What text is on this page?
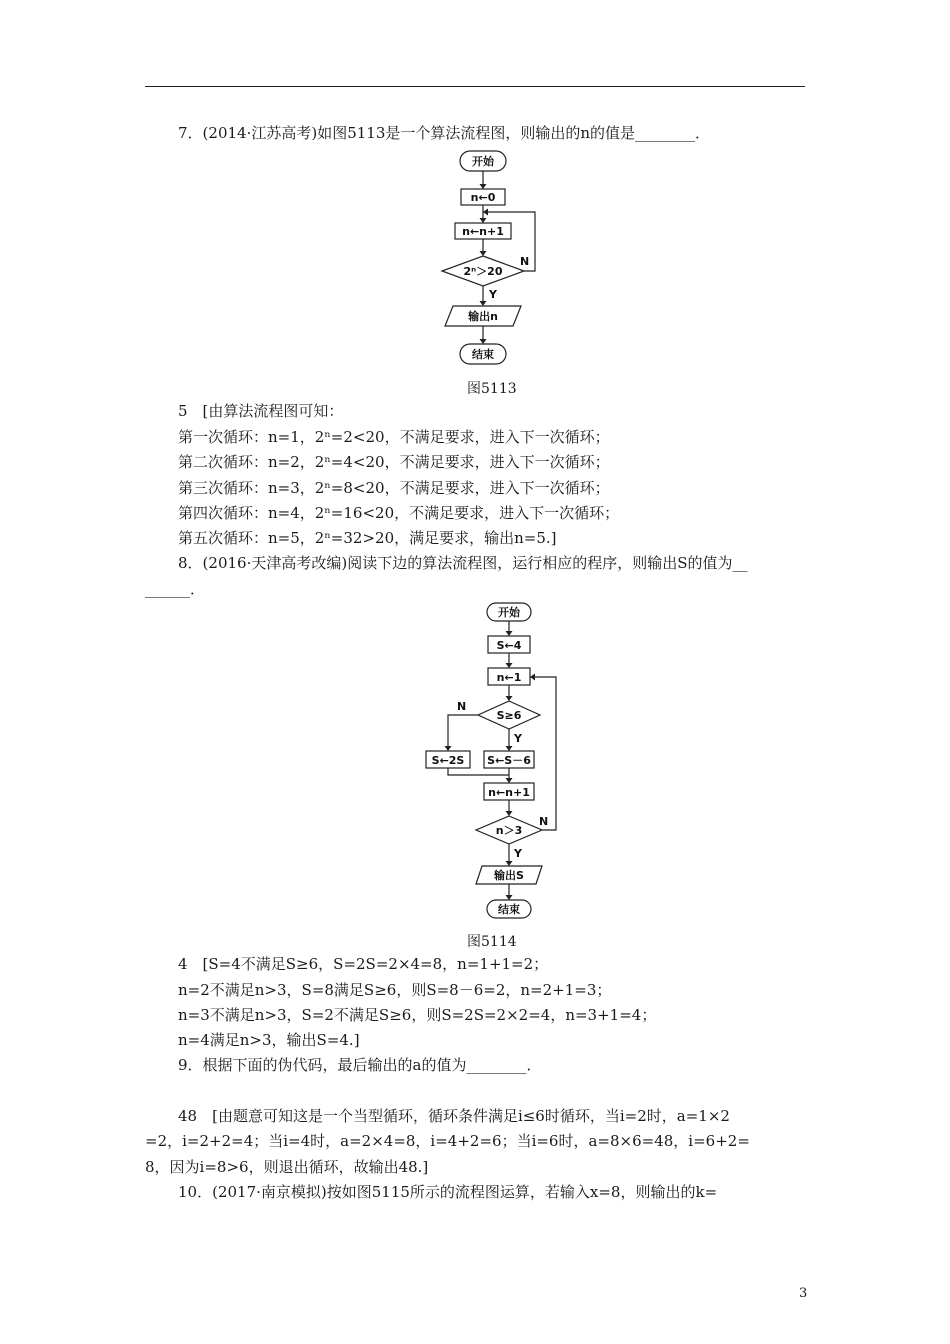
7．(2014·江苏高考)如图5113是一个算法流程图，则输出的n的值是________．
开始
n←0
n←n+1
2ⁿ＞20
N
Y
输出n
结束
图5113
5　[由算法流程图可知：
第一次循环：n=1，2ⁿ=2<20，不满足要求，进入下一次循环；
第二次循环：n=2，2ⁿ=4<20，不满足要求，进入下一次循环；
第三次循环：n=3，2ⁿ=8<20，不满足要求，进入下一次循环；
第四次循环：n=4，2ⁿ=16<20，不满足要求，进入下一次循环；
第五次循环：n=5，2ⁿ=32>20，满足要求，输出n=5.]
8．(2016·天津高考改编)阅读下边的算法流程图，运行相应的程序，则输出S的值为__
______．
开始
S←4
n←1
S≥6
N
Y
S←2S S←S－6
n←n+1
n＞3
N
Y
输出S
结束
图5114
4　[S=4不满足S≥6，S=2S=2×4=8，n=1+1=2；
n=2不满足n>3，S=8满足S≥6，则S=8－6=2，n=2+1=3；
n=3不满足n>3，S=2不满足S≥6，则S=2S=2×2=4，n=3+1=4；
n=4满足n>3，输出S=4.]
9．根据下面的伪代码，最后输出的a的值为________．
48　[由题意可知这是一个当型循环，循环条件满足i≤6时循环，当i=2时，a=1×2
=2，i=2+2=4；当i=4时，a=2×4=8，i=4+2=6；当i=6时，a=8×6=48，i=6+2=
8，因为i=8>6，则退出循环，故输出48.]
10．(2017·南京模拟)按如图5115所示的流程图运算，若输入x=8，则输出的k=
3
